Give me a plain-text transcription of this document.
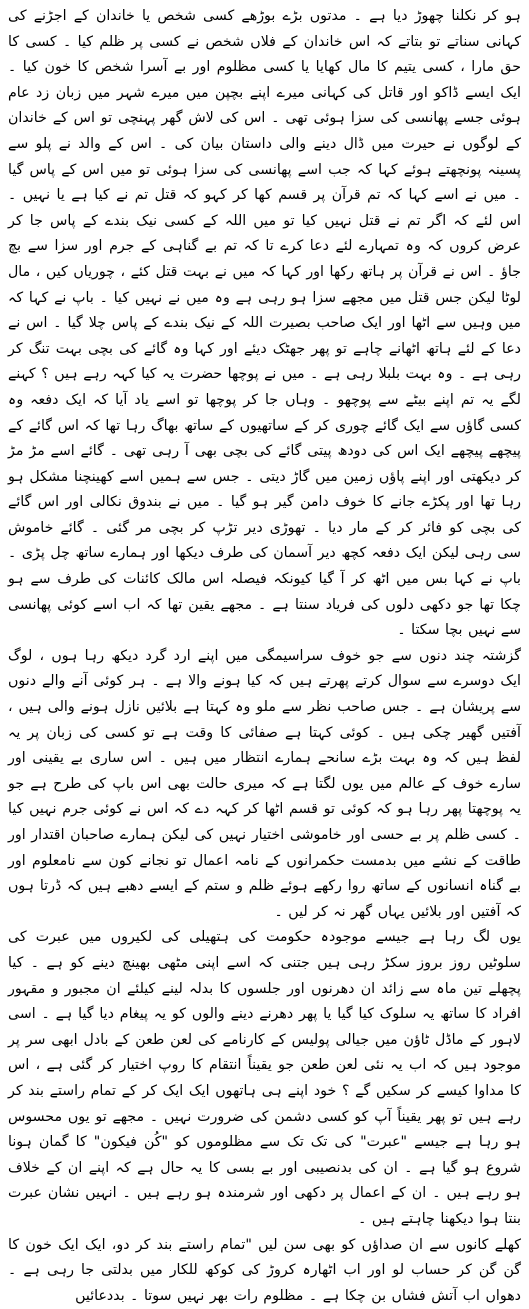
ہو کر نکلنا چھوڑ دیا ہے ۔ مدتوں بڑے بوڑھے کسی شخص یا خاندان کے اجڑنے کی کہانی سناتے تو بتاتے کہ اس خاندان کے فلاں شخص نے کسی پر ظلم کیا ۔ کسی کا حق مارا ، کسی یتیم کا مال کھایا یا کسی مظلوم اور بے آسرا شخص کا خون کیا ۔ ایک ایسے ڈاکو اور قاتل کی کہانی میرے اپنے بچپن میں میرے شہر میں زبان زد عام ہوئی جسے پھانسی کی سزا ہوئی تھی ۔ اس کی لاش گھر پہنچی تو اس کے خاندان کے لوگوں نے حیرت میں ڈال دینے والی داستان بیان کی ۔ اس کے والد نے پلو سے پسینہ پونچھتے ہوئے کہا کہ جب اسے پھانسی کی سزا ہوئی تو میں اس کے پاس گیا ۔ میں نے اسے کہا کہ تم قرآن پر قسم کھا کر کہو کہ قتل تم نے کیا ہے یا نہیں ۔ اس لئے کہ اگر تم نے قتل نہیں کیا تو میں اللہ کے کسی نیک بندے کے پاس جا کر عرض کروں کہ وہ تمہارے لئے دعا کرے تا کہ تم بے گناہی کے جرم اور سزا سے بچ جاؤ ۔ اس نے قرآن پر ہاتھ رکھا اور کہا کہ میں نے بہت قتل کئے ، چوریاں کیں ، مال لوٹا لیکن جس قتل میں مجھے سزا ہو رہی ہے وہ میں نے نہیں کیا ۔ باپ نے کہا کہ میں وہیں سے اٹھا اور ایک صاحب بصیرت اللہ کے نیک بندے کے پاس چلا گیا ۔ اس نے دعا کے لئے ہاتھ اٹھانے چاہے تو پھر جھٹک دیئے اور کہا وہ گائے کی بچی بہت تنگ کر رہی ہے ۔ وہ بہت بلبلا رہی ہے ۔ میں نے پوچھا حضرت یہ کیا کہہ رہے ہیں ؟ کہنے لگے یہ تم اپنے بیٹے سے پوچھو ۔ وہاں جا کر پوچھا تو اسے یاد آیا کہ ایک دفعہ وہ کسی گاؤں سے ایک گائے چوری کر کے ساتھیوں کے ساتھ بھاگ رہا تھا کہ اس گائے کے پیچھے پیچھے ایک اس کی دودھ پیتی گائے کی بچی بھی آ رہی تھی ۔ گائے اسے مڑ مڑ کر دیکھتی اور اپنے پاؤں زمین میں گاڑ دیتی ۔ جس سے ہمیں اسے کھینچنا مشکل ہو رہا تھا اور پکڑے جانے کا خوف دامن گیر ہو گیا ۔ میں نے بندوق نکالی اور اس گائے کی بچی کو فائر کر کے مار دیا ۔ تھوڑی دیر تڑپ کر بچی مر گئی ۔ گائے خاموش سی رہی لیکن ایک دفعہ کچھ دیر آسمان کی طرف دیکھا اور ہمارے ساتھ چل پڑی ۔ باپ نے کہا بس میں اٹھ کر آ گیا کیونکہ فیصلہ اس مالک کائنات کی طرف سے ہو چکا تھا جو دکھی دلوں کی فریاد سنتا ہے ۔ مجھے یقین تھا کہ اب اسے کوئی پھانسی سے نہیں بچا سکتا ۔

گزشتہ چند دنوں سے جو خوف سراسیمگی میں اپنے ارد گرد دیکھ رہا ہوں ، لوگ ایک دوسرے سے سوال کرتے پھرتے ہیں کہ کیا ہونے والا ہے ۔ ہر کوئی آنے والے دنوں سے پریشان ہے ۔ جس صاحب نظر سے ملو وہ کہتا ہے بلائیں نازل ہونے والی ہیں ، آفتیں گھیر چکی ہیں ۔ کوئی کہتا ہے صفائی کا وقت ہے تو کسی کی زبان پر یہ لفظ ہیں کہ وہ بہت بڑے سانحے ہمارے انتظار میں ہیں ۔ اس ساری بے یقینی اور سارے خوف کے عالم میں یوں لگتا ہے کہ میری حالت بھی اس باپ کی طرح ہے جو یہ پوچھتا پھر رہا ہو کہ کوئی تو قسم اٹھا کر کہہ دے کہ اس نے کوئی جرم نہیں کیا ۔ کسی ظلم پر بے حسی اور خاموشی اختیار نہیں کی لیکن ہمارے صاحبان اقتدار اور طاقت کے نشے میں بدمست حکمرانوں کے نامہ اعمال تو نجانے کون سے نامعلوم اور بے گناہ انسانوں کے ساتھ روا رکھے ہوئے ظلم و ستم کے ایسے دھبے ہیں کہ ڈرتا ہوں کہ آفتیں اور بلائیں یہاں گھر نہ کر لیں ۔

یوں لگ رہا ہے جیسے موجودہ حکومت کی ہتھیلی کی لکیروں میں عبرت کی سلوٹیں روز بروز سکڑ رہی ہیں جتنی کہ اسے اپنی مٹھی بھینچ دینے کو ہے ۔ کیا پچھلے تین ماہ سے زائد ان دھرنوں اور جلسوں کا بدلہ لینے کیلئے ان مجبور و مقہور افراد کا ساتھ یہ سلوک کیا گیا یا پھر دھرنے دینے والوں کو یہ پیغام دیا گیا ہے ۔ اسی لاہور کے ماڈل ٹاؤن میں جیالی پولیس کے کارنامے کی لعن طعن کے بادل ابھی سر پر موجود ہیں کہ اب یہ نئی لعن طعن جو یقیناً انتقام کا روپ اختیار کر گئی ہے ، اس کا مداوا کیسے کر سکیں گے ؟ خود اپنے ہی ہاتھوں ایک ایک کر کے تمام راستے بند کر رہے ہیں تو پھر یقیناً آپ کو کسی دشمن کی ضرورت نہیں ۔ مجھے تو یوں محسوس ہو رہا ہے جیسے "عبرت" کی تک تک سے مظلوموں کو "کُن فیکون" کا گمان ہونا شروع ہو گیا ہے ۔ ان کی بدنصیبی اور بے بسی کا یہ حال ہے کہ اپنے ان کے خلاف ہو رہے ہیں ۔ ان کے اعمال پر دکھی اور شرمندہ ہو رہے ہیں ۔ انہیں نشان عبرت بنتا ہوا دیکھنا چاہتے ہیں ۔

کھلے کانوں سے ان صداؤں کو بھی سن لیں "تمام راستے بند کر دو، ایک ایک خون کا گن گن کر حساب لو اور اب اٹھارہ کروڑ کی کوکھ للکار میں بدلتی جا رہی ہے ۔ دھواں اب آتش فشاں بن چکا ہے ۔ مظلوم رات بھر نہیں سوتا ۔ بددعائیں
